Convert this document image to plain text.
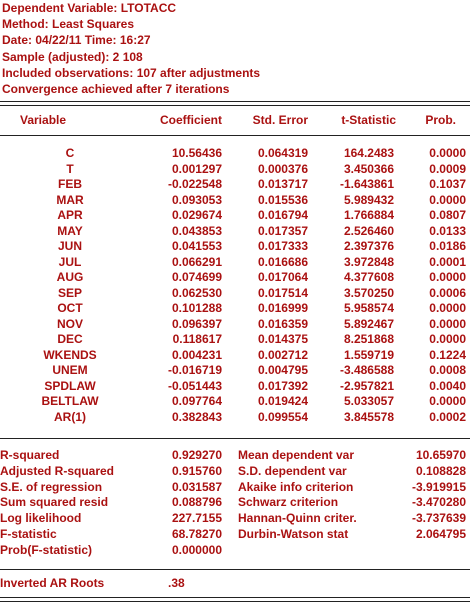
Dependent Variable: LTOTACC
Method: Least Squares
Date: 04/22/11 Time: 16:27
Sample (adjusted): 2 108
Included observations: 107 after adjustments
Convergence achieved after 7 iterations
Variable	Coefficient	Std. Error	t-Statistic Prob.
C	10.56436	0.064319	164.2483	0.0000
T	0.001297	0.000376	3.450366	0.0009
FEB	-0.022548	0.013717	-1.643861	0.1037
MAR	0.093053	0.015536	5.989432	0.0000
APR	0.029674	0.016794	1.766884	0.0807
MAY	0.043853	0.017357	2.526460	0.0133
JUN	0.041553	0.017333	2.397376	0.0186
JUL	0.066291	0.016686	3.972848	0.0001
AUG	0.074699	0.017064	4.377608	0.0000
SEP	0.062530	0.017514	3.570250	0.0006
OCT	0.101288	0.016999	5.958574	0.0000
NOV	0.096397	0.016359	5.892467	0.0000
DEC	0.118617	0.014375	8.251868	0.0000
WKENDS	0.004231	0.002712	1.559719	0.1224
UNEM	-0.016719	0.004795	-3.486588	0.0008
SPDLAW	-0.051443	0.017392	-2.957821	0.0040
BELTLAW	0.097764	0.019424	5.033057	0.0000
AR(1)	0.382843	0.099554	3.845578	0.0002
R-squared	0.929270 Mean dependent var	10.65970
Adjusted R-squared	0.915760 S.D. dependent var	0.108828
S.E. of regression	0.031587 Akaike info criterion	-3.919915
Sum squared resid	0.088796 Schwarz criterion	-3.470280
Log likelihood	227.7155 Hannan-Quinn criter.	-3.737639
F-statistic	68.78270 Durbin-Watson stat	2.064795
Prob(F-statistic)	0.000000
Inverted AR Roots	.38
